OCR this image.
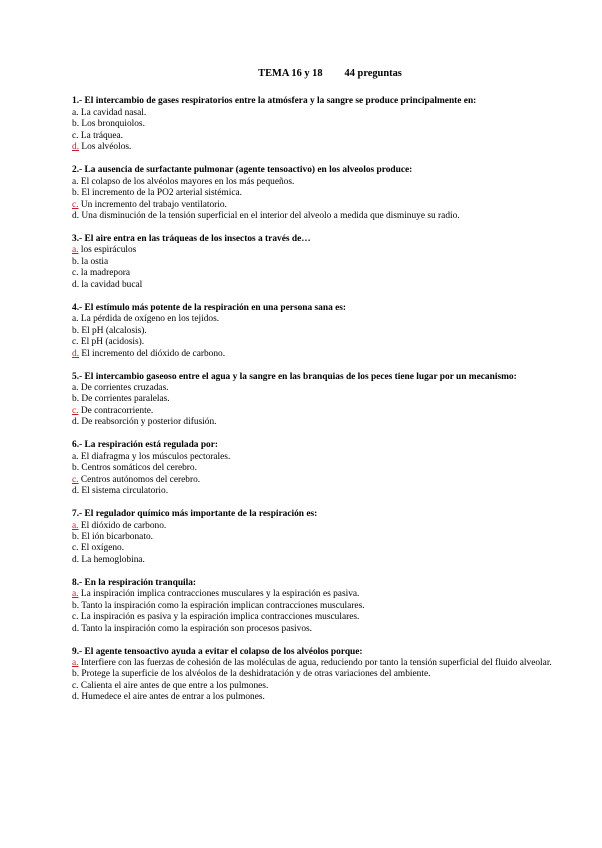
TEMA 16 y 18 44 preguntas
1.- El intercambio de gases respiratorios entre la atmósfera y la sangre se produce principalmente en:
a. La cavidad nasal.
b. Los bronquiolos.
c. La tráquea.
d. Los alvéolos.
2.- La ausencia de surfactante pulmonar (agente tensoactivo) en los alveolos produce:
a. El colapso de los alvéolos mayores en los más pequeños.
b. El incremento de la PO2 arterial sistémica.
c. Un incremento del trabajo ventilatorio.
d. Una disminución de la tensión superficial en el interior del alveolo a medida que disminuye su radio.
3.- El aire entra en las tráqueas de los insectos a través de…
a. los espiráculos
b. la ostia
c. la madrepora
d. la cavidad bucal
4.- El estímulo más potente de la respiración en una persona sana es:
a. La pérdida de oxígeno en los tejidos.
b. El pH (alcalosis).
c. El pH (acidosis).
d. El incremento del dióxido de carbono.
5.- El intercambio gaseoso entre el agua y la sangre en las branquias de los peces tiene lugar por un mecanismo:
a. De corrientes cruzadas.
b. De corrientes paralelas.
c. De contracorriente.
d. De reabsorción y posterior difusión.
6.- La respiración está regulada por:
a. El diafragma y los músculos pectorales.
b. Centros somáticos del cerebro.
c. Centros autónomos del cerebro.
d. El sistema circulatorio.
7.- El regulador químico más importante de la respiración es:
a. El dióxido de carbono.
b. El ión bicarbonato.
c. El oxígeno.
d. La hemoglobina.
8.- En la respiración tranquila:
a. La inspiración implica contracciones musculares y la espiración es pasiva.
b. Tanto la inspiración como la espiración implican contracciones musculares.
c. La inspiración es pasiva y la espiración implica contracciones musculares.
d. Tanto la inspiración como la espiración son procesos pasivos.
9.- El agente tensoactivo ayuda a evitar el colapso de los alvéolos porque:
a. Interfiere con las fuerzas de cohesión de las moléculas de agua, reduciendo por tanto la tensión superficial del fluido alveolar.
b. Protege la superficie de los alvéolos de la deshidratación y de otras variaciones del ambiente.
c. Calienta el aire antes de que entre a los pulmones.
d. Humedece el aire antes de entrar a los pulmones.
